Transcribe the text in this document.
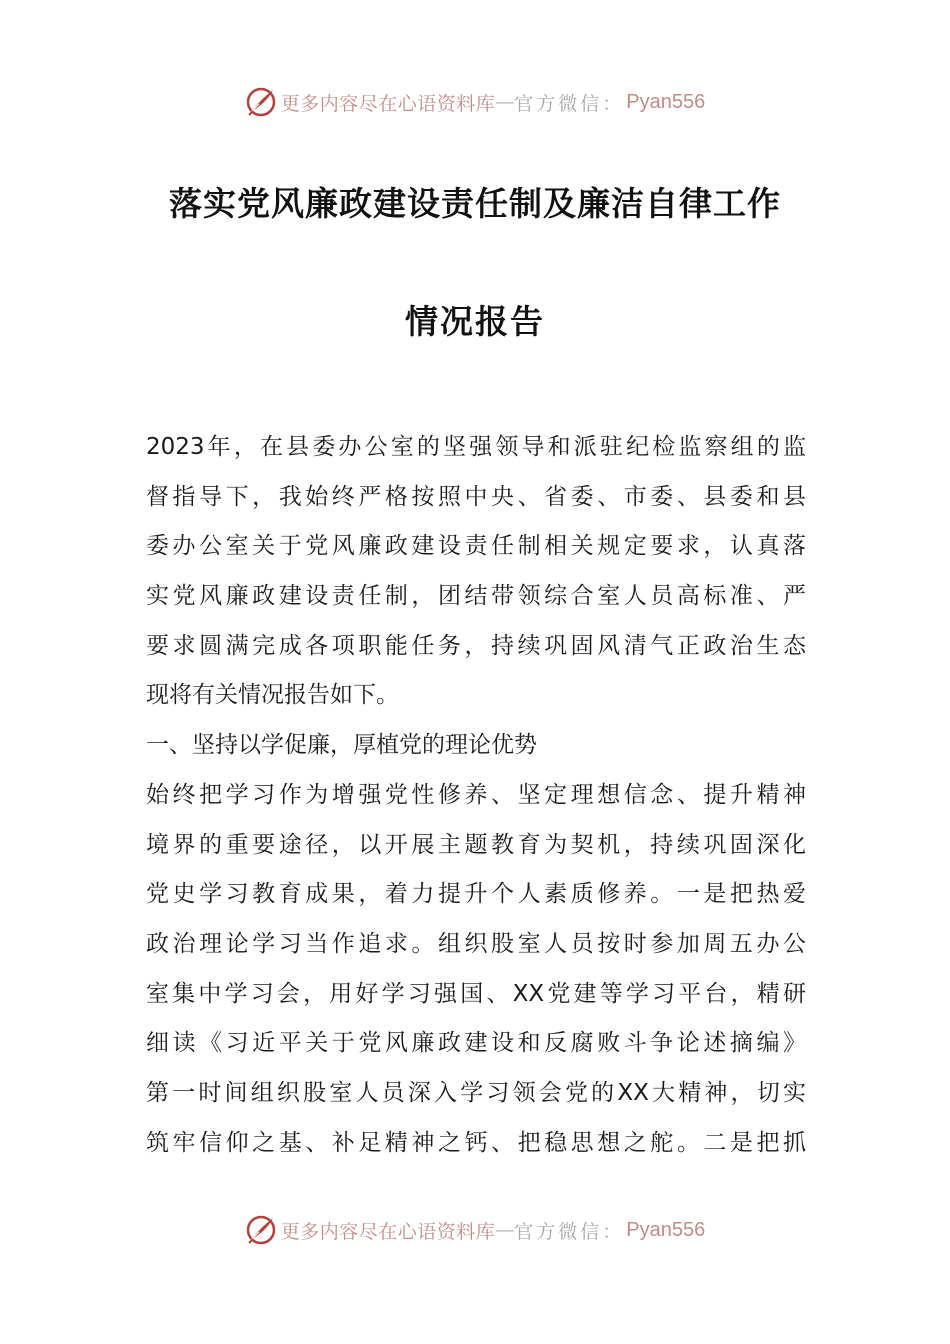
更多内容尽在心语资料库 — 官方微信： Pyan556
落实党风廉政建设责任制及廉洁自律工作
情况报告
2023年，在县委办公室的坚强领导和派驻纪检监察组的监
督指导下，我始终严格按照中央、省委、市委、县委和县
委办公室关于党风廉政建设责任制相关规定要求，认真落
实党风廉政建设责任制，团结带领综合室人员高标准、严
要求圆满完成各项职能任务，持续巩固风清气正政治生态
现将有关情况报告如下。
一、坚持以学促廉，厚植党的理论优势
始终把学习作为增强党性修养、坚定理想信念、提升精神
境界的重要途径，以开展主题教育为契机，持续巩固深化
党史学习教育成果，着力提升个人素质修养。一是把热爱
政治理论学习当作追求。组织股室人员按时参加周五办公
室集中学习会，用好学习强国、XX党建等学习平台，精研
细读《习近平关于党风廉政建设和反腐败斗争论述摘编》
第一时间组织股室人员深入学习领会党的XX大精神，切实
筑牢信仰之基、补足精神之钙、把稳思想之舵。二是把抓
更多内容尽在心语资料库 — 官方微信： Pyan556
